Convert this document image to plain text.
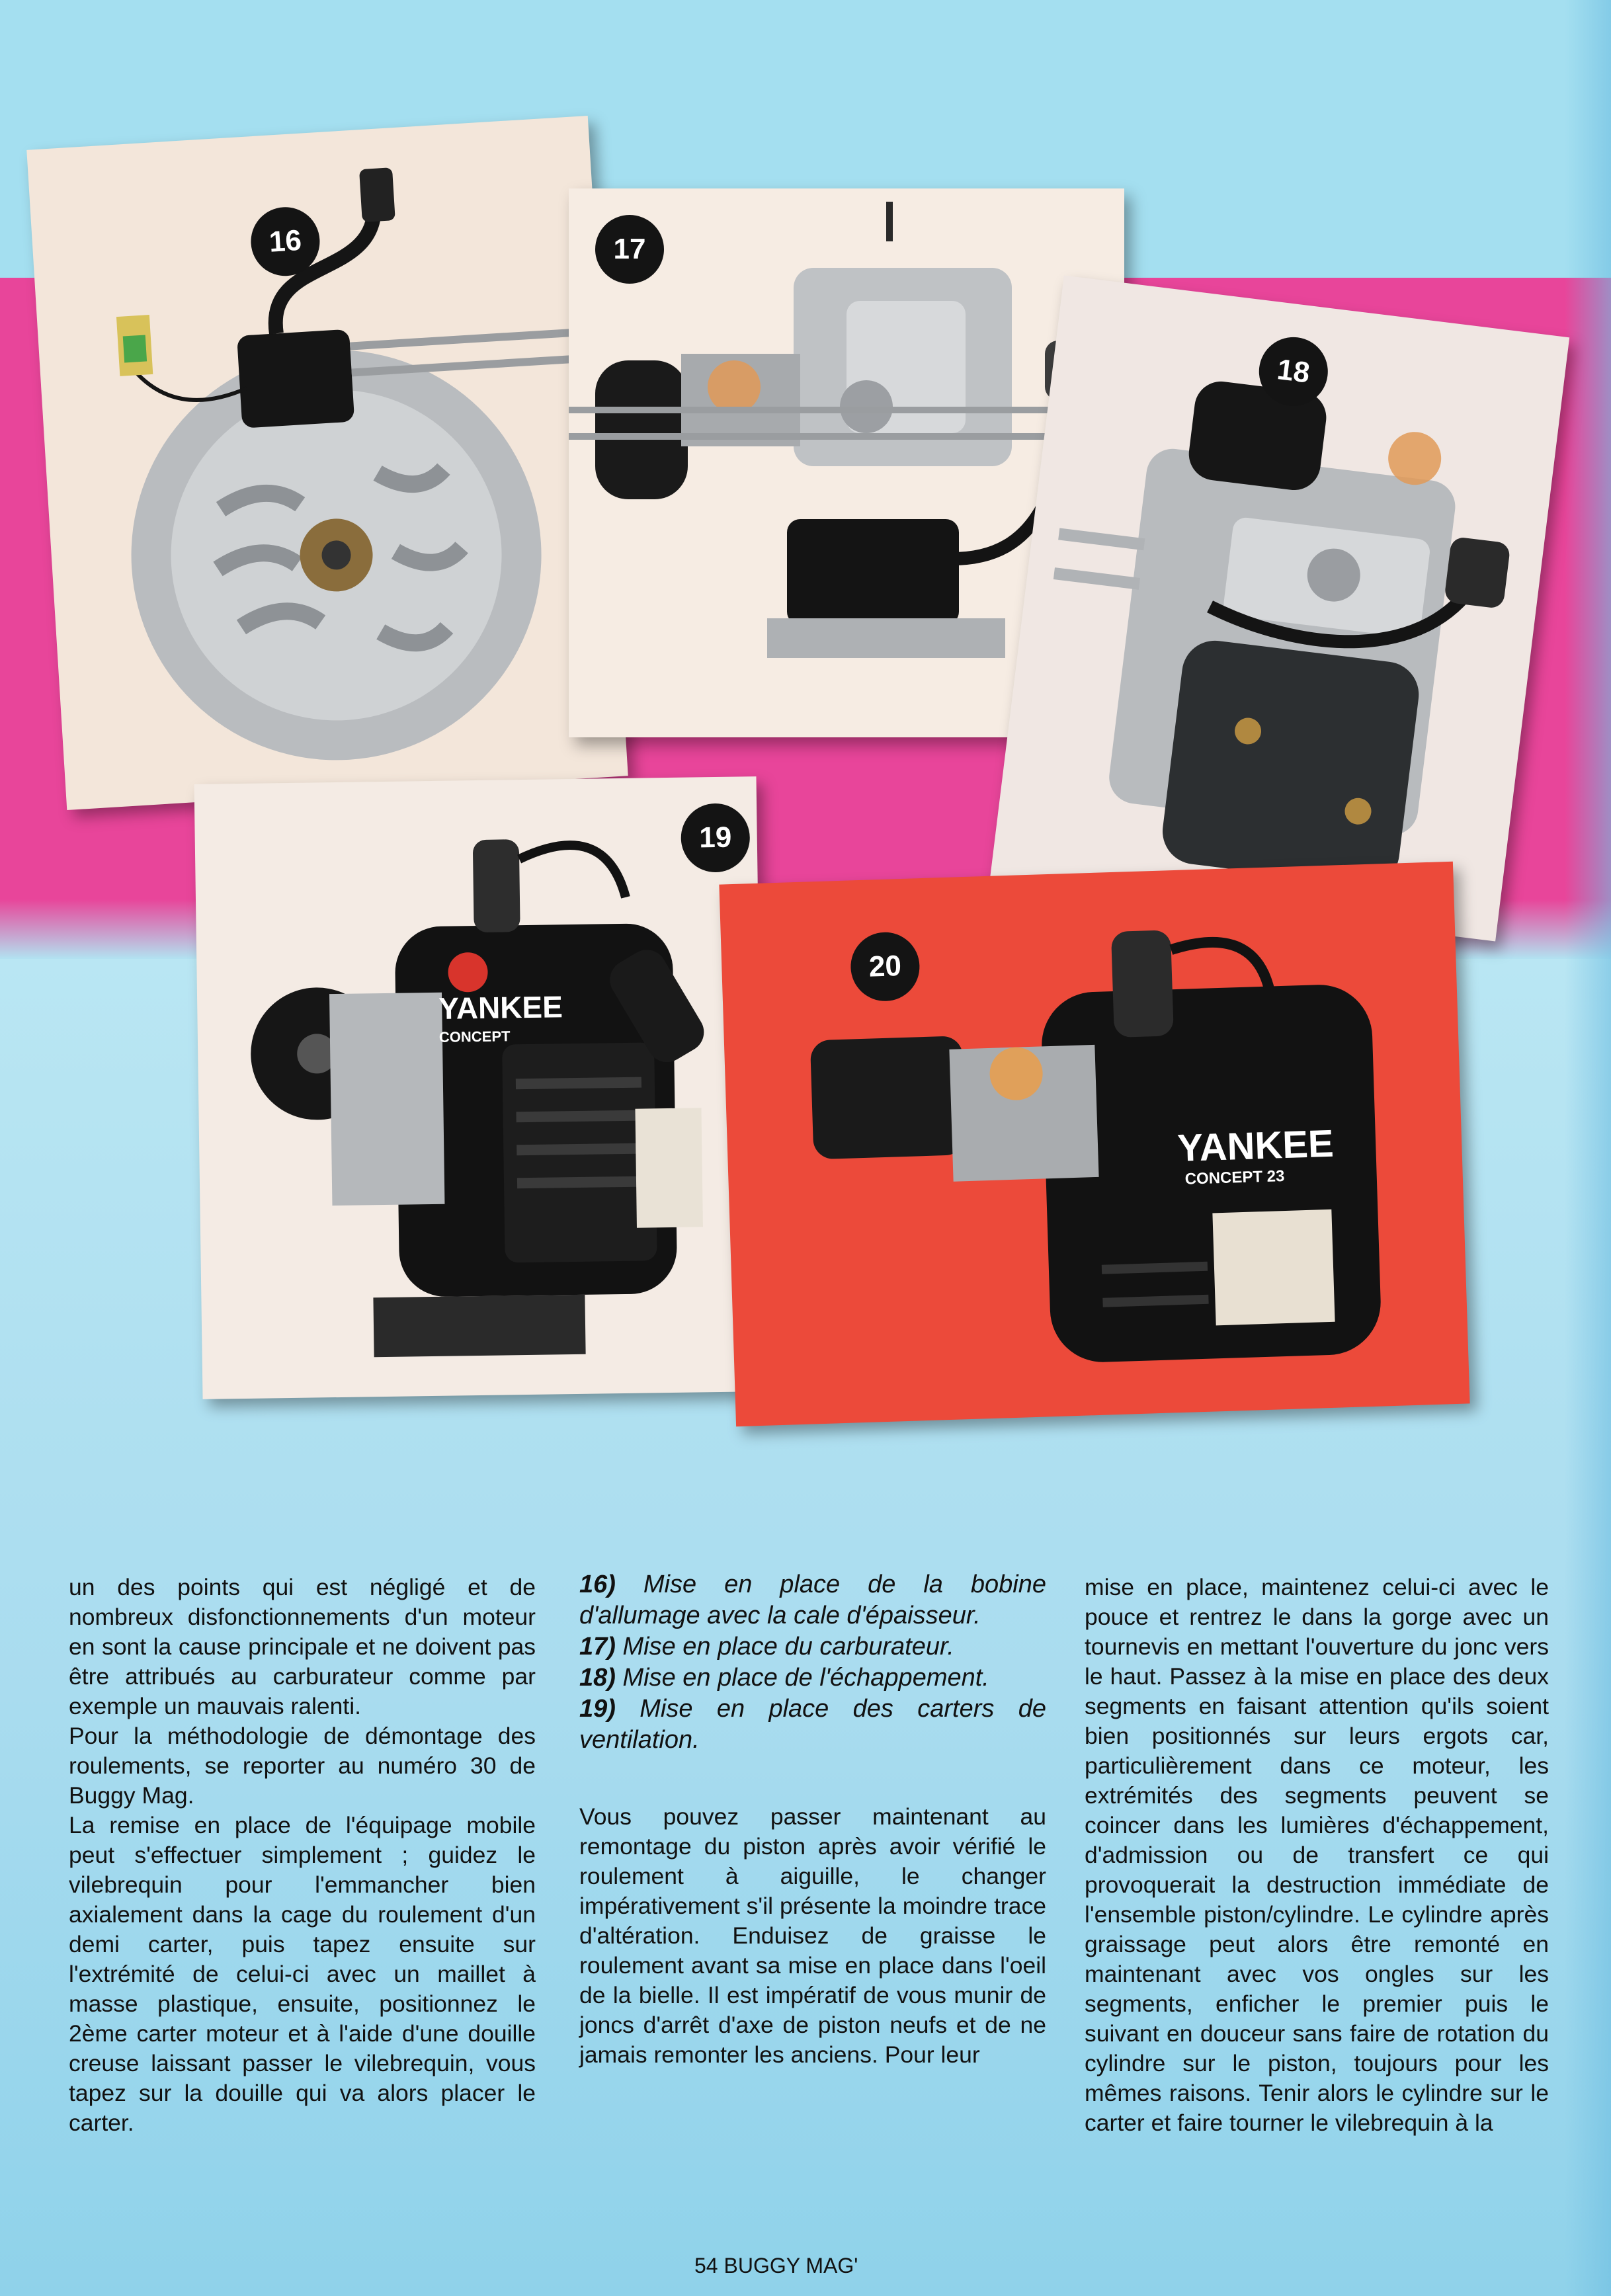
16	17
18
YANKEE
CONCEPT
19
YANKEE
CONCEPT 23
20

un des points qui est négligé et de nombreux disfonctionnements d'un moteur en sont la cause principale et ne doivent pas être attribués au carburateur comme par exemple un mauvais ralenti.

Pour la méthodologie de démontage des roulements, se reporter au numéro 30 de Buggy Mag.

La remise en place de l'équipage mobile peut s'effectuer simplement ; guidez le vilebrequin pour l'emmancher bien axialement dans la cage du roulement d'un demi carter, puis tapez ensuite sur l'extrémité de celui-ci avec un maillet à masse plastique, ensuite, positionnez le 2ème carter moteur et à l'aide d'une douille creuse laissant passer le vilebrequin, vous tapez sur la douille qui va alors placer le carter.

16) Mise en place de la bobine d'allumage avec la cale d'épaisseur.
17) Mise en place du carburateur.
18) Mise en place de l'échappement.
19) Mise en place des carters de ventilation.

Vous pouvez passer maintenant au remontage du piston après avoir vérifié le roulement à aiguille, le changer impérativement s'il présente la moindre trace d'altération. Enduisez de graisse le roulement avant sa mise en place dans l'oeil de la bielle. Il est impératif de vous munir de joncs d'arrêt d'axe de piston neufs et de ne jamais remonter les anciens. Pour leur

mise en place, maintenez celui-ci avec le pouce et rentrez le dans la gorge avec un tournevis en mettant l'ouverture du jonc vers le haut. Passez à la mise en place des deux segments en faisant attention qu'ils soient bien positionnés sur leurs ergots car, particulièrement dans ce moteur, les extrémités des segments peuvent se coincer dans les lumières d'échappement, d'admission ou de transfert ce qui provoquerait la destruction immédiate de l'ensemble piston/cylindre. Le cylindre après graissage peut alors être remonté en maintenant avec vos ongles sur les segments, enficher le premier puis le suivant en douceur sans faire de rotation du cylindre sur le piston, toujours pour les mêmes raisons. Tenir alors le cylindre sur le carter et faire tourner le vilebrequin à la

54 BUGGY MAG'
